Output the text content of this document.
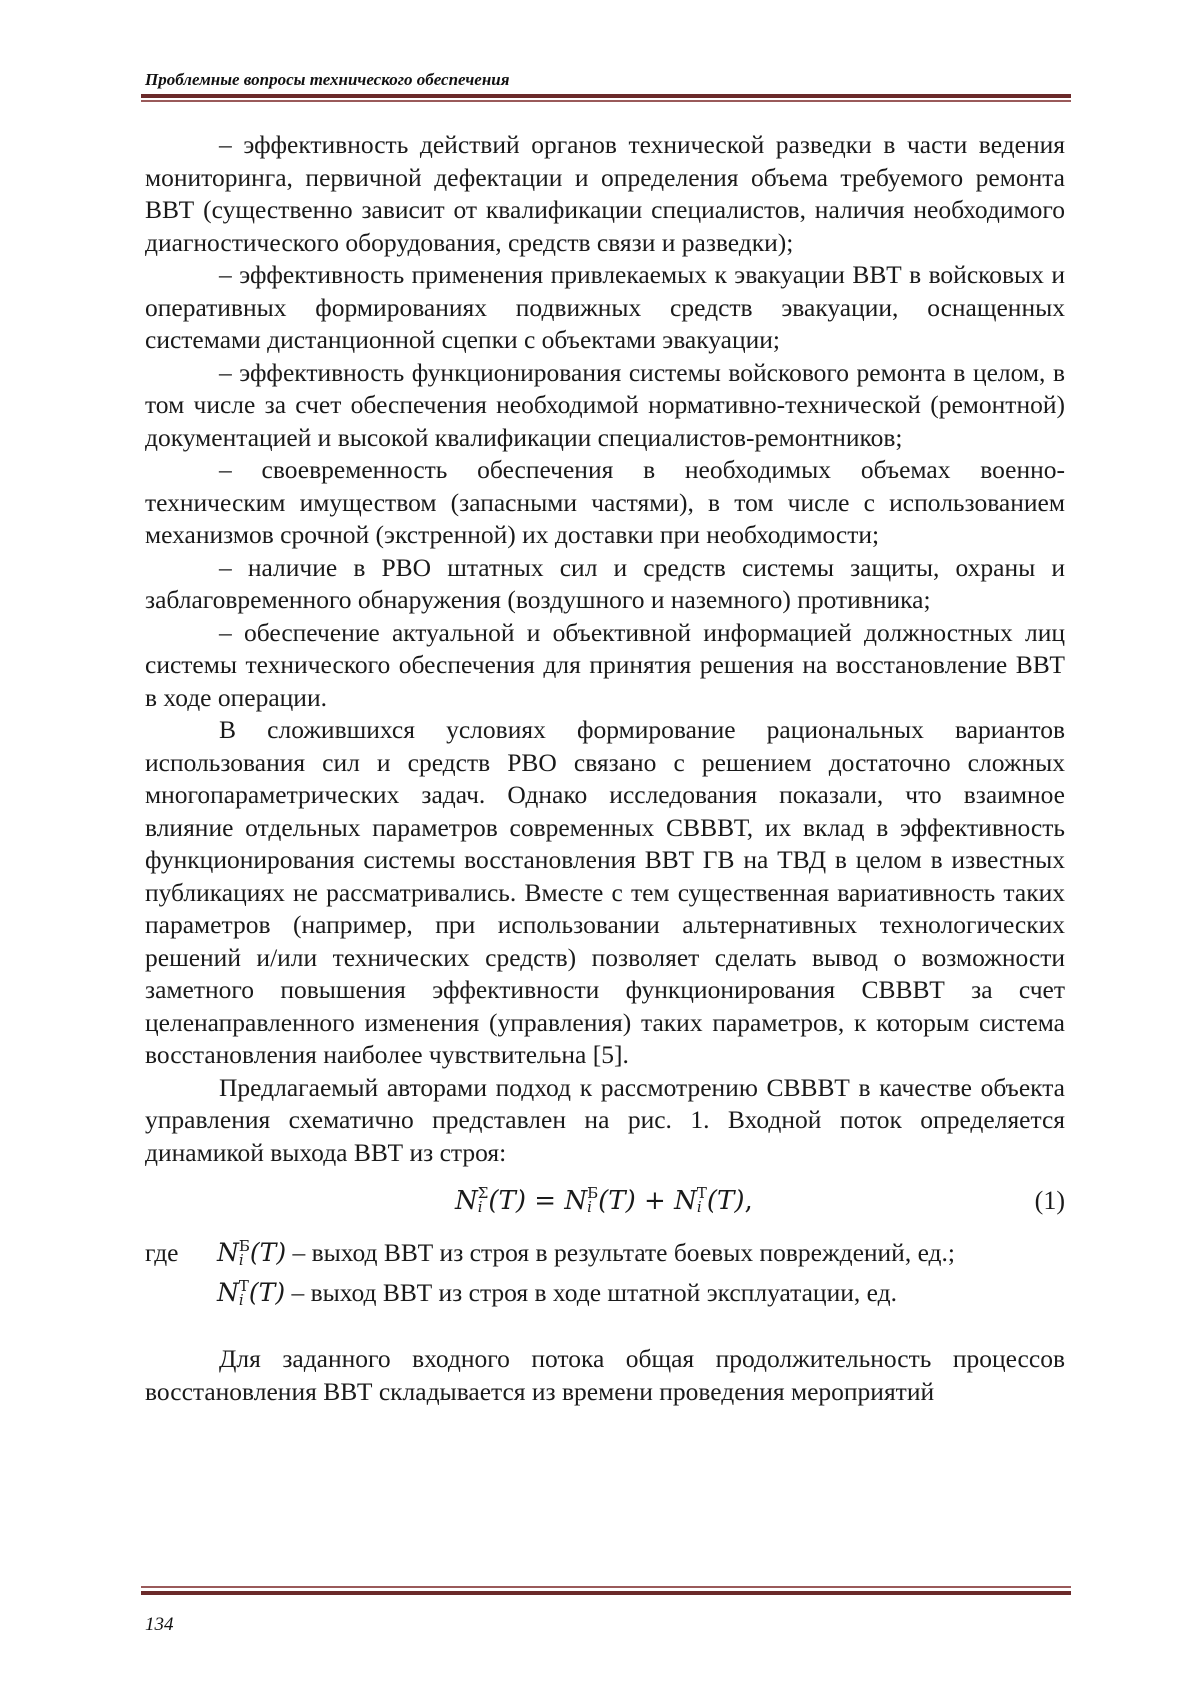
Проблемные вопросы технического обеспечения

– эффективность действий органов технической разведки в части ведения мониторинга, первичной дефектации и определения объема требуемого ремонта ВВТ (существенно зависит от квалификации специалистов, наличия необходимого диагностического оборудования, средств связи и разведки);

– эффективность применения привлекаемых к эвакуации ВВТ в войсковых и оперативных формированиях подвижных средств эвакуации, оснащенных системами дистанционной сцепки с объектами эвакуации;

– эффективность функционирования системы войскового ремонта в целом, в том числе за счет обеспечения необходимой нормативно-технической (ремонтной) документацией и высокой квалификации специалистов-ремонтников;

– своевременность обеспечения в необходимых объемах военно-техническим имуществом (запасными частями), в том числе с использованием механизмов срочной (экстренной) их доставки при необходимости;

– наличие в РВО штатных сил и средств системы защиты, охраны и заблаговременного обнаружения (воздушного и наземного) противника;

– обеспечение актуальной и объективной информацией должностных лиц системы технического обеспечения для принятия решения на восстановление ВВТ в ходе операции.

В сложившихся условиях формирование рациональных вариантов использования сил и средств РВО связано с решением достаточно сложных многопараметрических задач. Однако исследования показали, что взаимное влияние отдельных параметров современных СВВВТ, их вклад в эффективность функционирования системы восстановления ВВТ ГВ на ТВД в целом в известных публикациях не рассматривались. Вместе с тем существенная вариативность таких параметров (например, при использовании альтернативных технологических решений и/или технических средств) позволяет сделать вывод о возможности заметного повышения эффективности функционирования СВВВТ за счет целенаправленного изменения (управления) таких параметров, к которым система восстановления наиболее чувствительна [5].

Предлагаемый авторами подход к рассмотрению СВВВТ в качестве объекта управления схематично представлен на рис. 1. Входной поток определяется динамикой выхода ВВТ из строя:

N Σ
i (T) = N Б
i (T) + N Т
i (T),	(1)
где N Б
i (T) – выход ВВТ из строя в результате боевых повреждений, ед.;
N Т
i (T) – выход ВВТ из строя в ходе штатной эксплуатации, ед.

Для заданного входного потока общая продолжительность процессов восстановления ВВТ складывается из времени проведения мероприятий

134
